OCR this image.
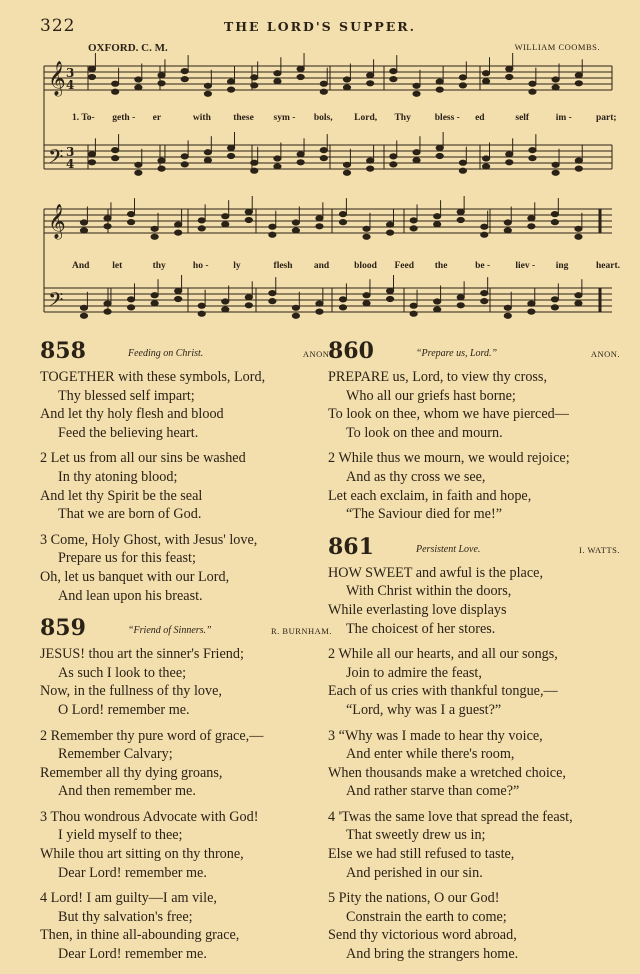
322	THE LORD'S SUPPER.
OXFORD. C. M.	WILLIAM COOMBS.
𝄞 3
4
𝄢 3
4
𝄞
𝄢
1. To- geth - er	with these sym - bols, Lord, Thy	bless - ed	self	im -	part;
And let	thy	ho -	ly	flesh and	blood Feed the	be -	liev - ing	heart.
858	Feeding on Christ.	ANON.
TOGETHER with these symbols, Lord,
Thy blessed self impart;
And let thy holy flesh and blood
Feed the believing heart.
2 Let us from all our sins be washed
In thy atoning blood;
And let thy Spirit be the seal
That we are born of God.
3 Come, Holy Ghost, with Jesus' love,
Prepare us for this feast;
Oh, let us banquet with our Lord,
And lean upon his breast.
859	“Friend of Sinners.”	R. BURNHAM.
JESUS! thou art the sinner's Friend;
As such I look to thee;
Now, in the fullness of thy love,
O Lord! remember me.
2 Remember thy pure word of grace,—
Remember Calvary;
Remember all thy dying groans,
And then remember me.
3 Thou wondrous Advocate with God!
I yield myself to thee;
While thou art sitting on thy throne,
Dear Lord! remember me.
4 Lord! I am guilty—I am vile,
But thy salvation's free;
Then, in thine all-abounding grace,
Dear Lord! remember me.
860	“Prepare us, Lord.”	ANON.
PREPARE us, Lord, to view thy cross,
Who all our griefs hast borne;
To look on thee, whom we have pierced—
To look on thee and mourn.
2 While thus we mourn, we would rejoice;
And as thy cross we see,
Let each exclaim, in faith and hope,
“The Saviour died for me!”
861	Persistent Love.	I. WATTS.
HOW SWEET and awful is the place,
With Christ within the doors,
While everlasting love displays
The choicest of her stores.
2 While all our hearts, and all our songs,
Join to admire the feast,
Each of us cries with thankful tongue,—
“Lord, why was I a guest?”
3 “Why was I made to hear thy voice,
And enter while there's room,
When thousands make a wretched choice,
And rather starve than come?”
4 'Twas the same love that spread the feast,
That sweetly drew us in;
Else we had still refused to taste,
And perished in our sin.
5 Pity the nations, O our God!
Constrain the earth to come;
Send thy victorious word abroad,
And bring the strangers home.
